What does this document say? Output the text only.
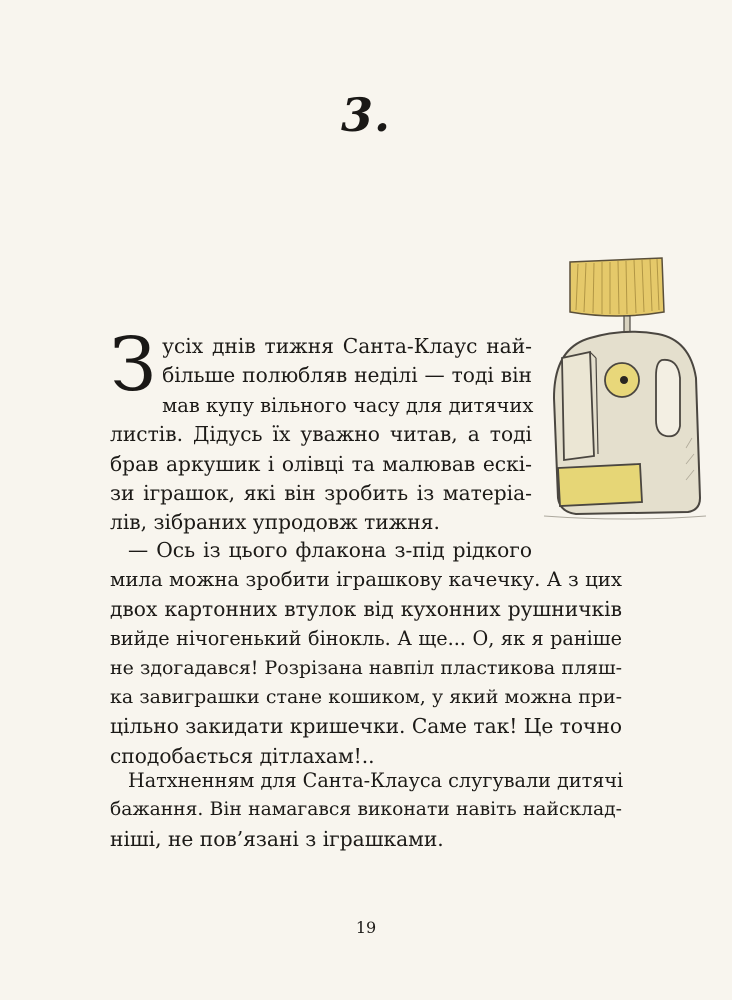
3.
З усіх днів тижня Санта-Клаус най-
більше полюбляв неділі — тоді він
мав купу вільного часу для дитячих
листів. Дідусь їх уважно читав, а тоді
брав аркушик і олівці та малював ескі-
зи іграшок, які він зробить із матеріа-
лів, зібраних упродовж тижня.
— Ось із цього флакона з-під рідкого
мила можна зробити іграшкову качечку. А з цих
двох картонних втулок від кухонних рушничків
вийде нічогенький бінокль. А ще... О, як я раніше
не здогадався! Розрізана навпіл пластикова пляш-
ка завиграшки стане кошиком, у який можна при-
цільно закидати кришечки. Саме так! Це точно
сподобається дітлахам!..
Натхненням для Санта-Клауса слугували дитячі
бажання. Він намагався виконати навіть найсклад-
ніші, не пов’язані з іграшками.
19
